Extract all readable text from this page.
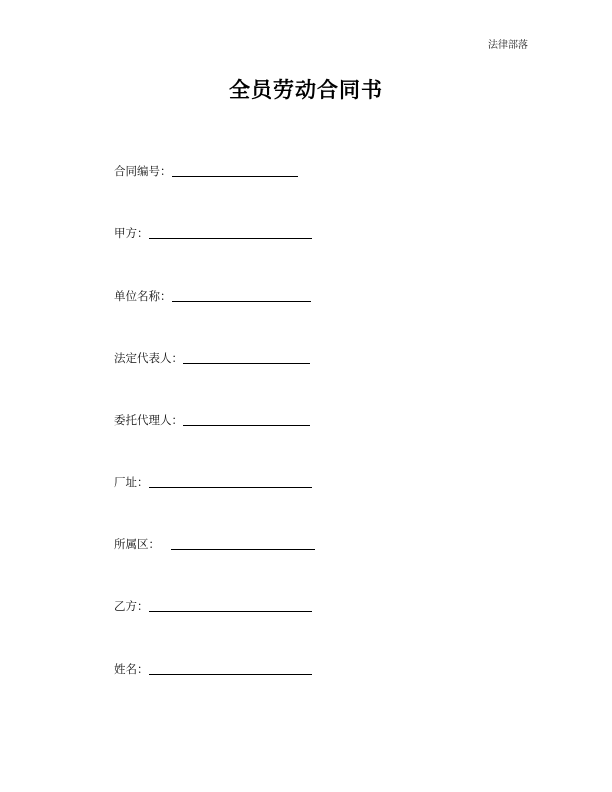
法律部落
全员劳动合同书
合同编号：
甲方：
单位名称：
法定代表人：
委托代理人：
厂址：
所属区：
乙方：
姓名：
